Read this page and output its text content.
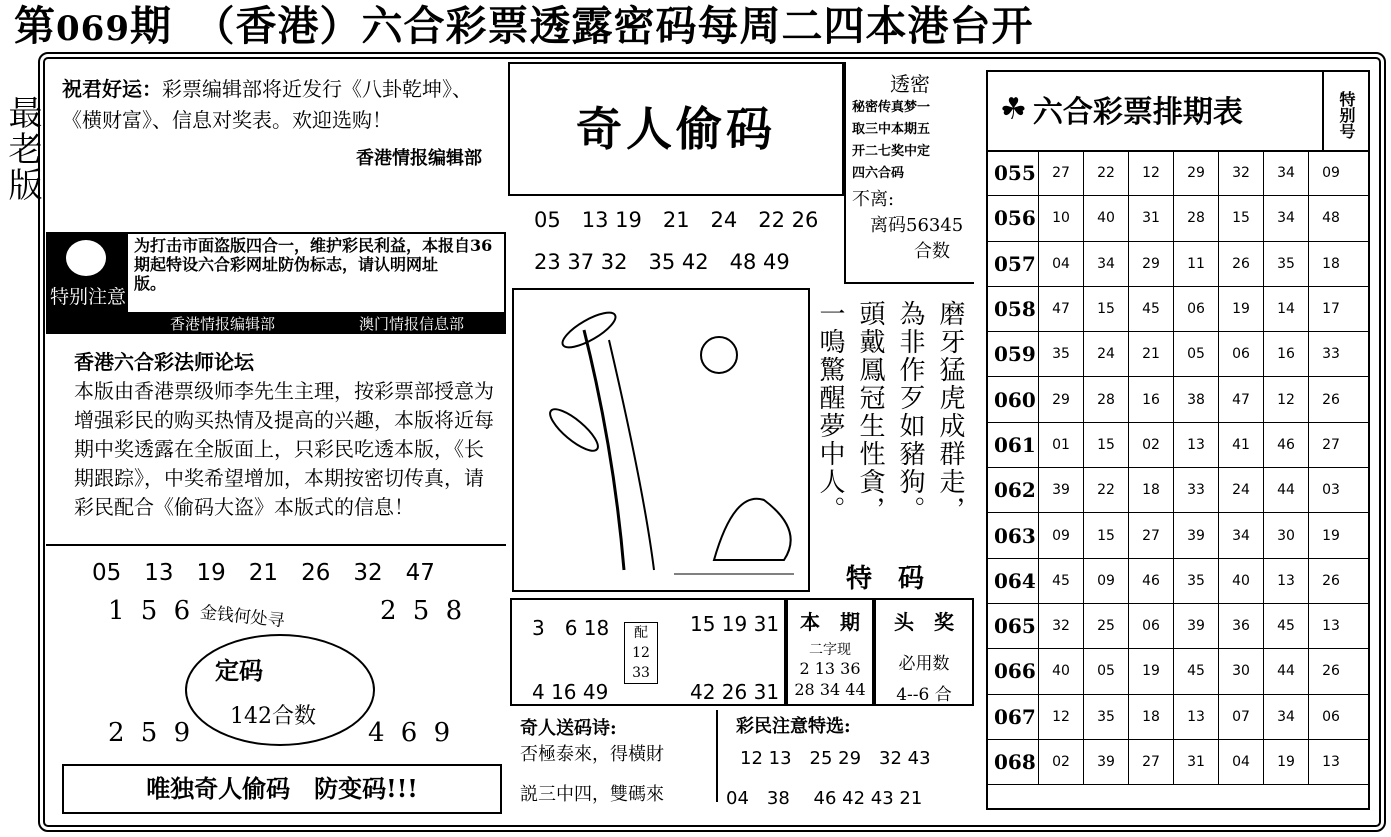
第069期　（香港）六合彩票透露密码每周二四本港台开
最老版
祝君好运：彩票编辑部将近发行《八卦乾坤》、《横财富》、信息对奖表。欢迎选购！
香港情报编辑部
特别注意
为打击市面盗版四合一，维护彩民利益，本报自36期起特设六合彩网址防伪标志，请认明网址　　　　　　　版。
香港情报编辑部	澳门情报信息部
香港六合彩法师论坛
本版由香港票级师李先生主理，按彩票部授意为增强彩民的购买热情及提高的兴趣，本版将近每期中奖透露在全版面上，只彩民吃透本版，《长期跟踪》，中奖希望增加，本期按密切传真，请彩民配合《偷码大盗》本版式的信息！
05　13　19　21　26　32　47
1 5 6	2 5 8
金钱何处寻
定码
142合数
2 5 9	4 6 9
唯独奇人偷码　防变码!!!
奇人偷码
05　13 19　21　24　22 26
23 37 32　35 42　48 49
透密
秘密传真梦一
取三中本期五
开二七奖中定
四六合码
不离:
离码56345
合数
磨牙猛虎成群走，
為非作歹如豬狗。
頭戴鳳冠生性貪，
一鳴驚醒夢中人。
特　码
3　6 18	15 19 31
配
12
33
4 16 49	42 26 31
本　期
二字现
2 13 36
28 34 44
头　奖
必用数
4--6 合
奇人送码诗:
否極泰來，得橫財
説三中四，雙碼來
彩民注意特选:
12 13　25 29　32 43
04　38　 46 42 43 21
☘ 六合彩票排期表	特别号
055	27	22	12	29	32	34	09
056	10	40	31	28	15	34	48
057	04	34	29	11	26	35	18
058	47	15	45	06	19	14	17
059	35	24	21	05	06	16	33
060	29	28	16	38	47	12	26
061	01	15	02	13	41	46	27
062	39	22	18	33	24	44	03
063	09	15	27	39	34	30	19
064	45	09	46	35	40	13	26
065	32	25	06	39	36	45	13
066	40	05	19	45	30	44	26
067	12	35	18	13	07	34	06
068	02	39	27	31	04	19	13
